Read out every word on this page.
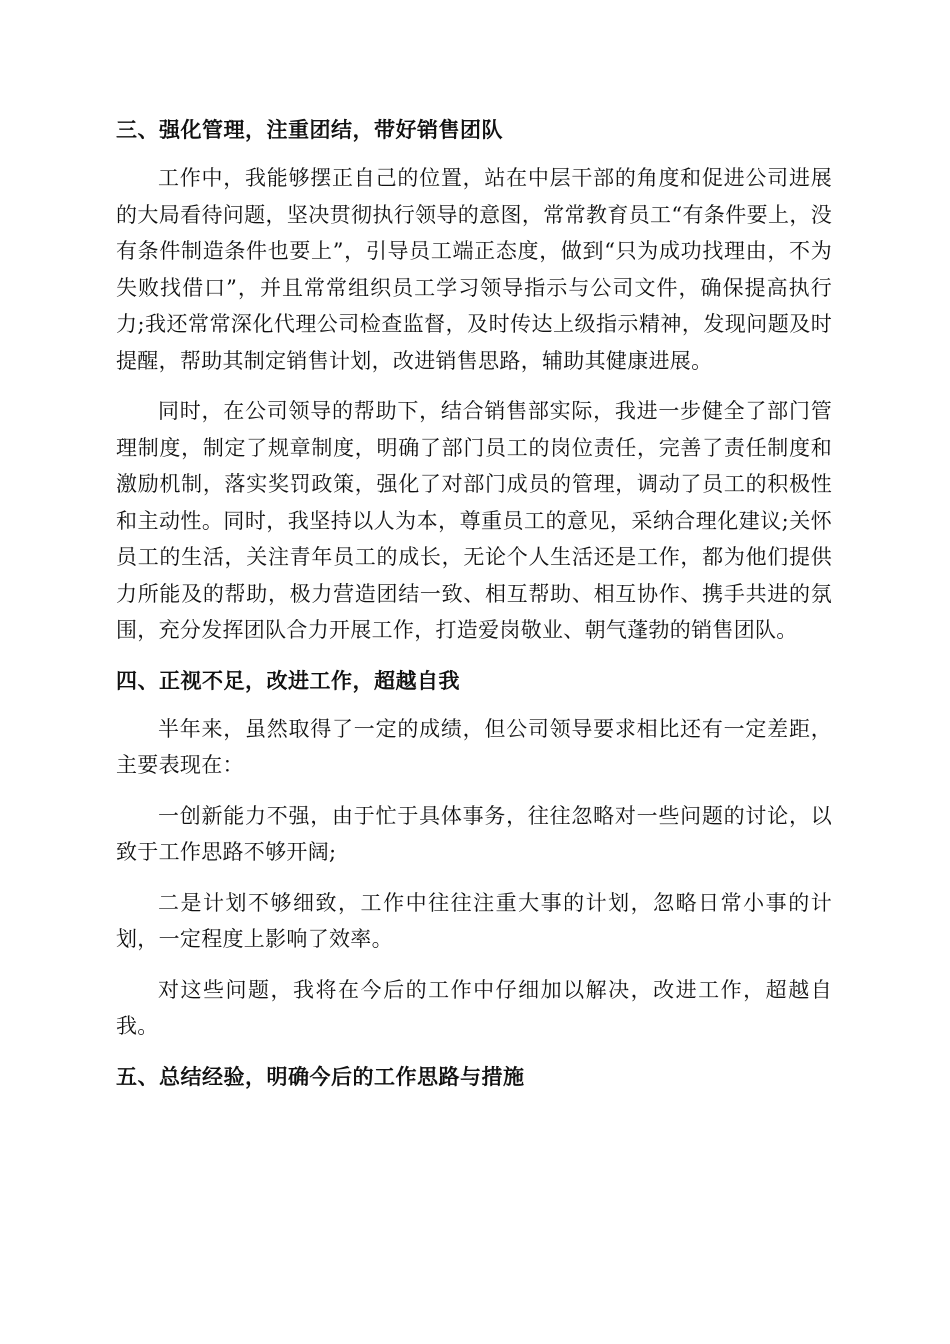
三、强化管理，注重团结，带好销售团队

工作中，我能够摆正自己的位置，站在中层干部的角度和促进公司进展的大局看待问题，坚决贯彻执行领导的意图，常常教育员工“有条件要上，没有条件制造条件也要上”，引导员工端正态度，做到“只为成功找理由，不为失败找借口”，并且常常组织员工学习领导指示与公司文件，确保提高执行力;我还常常深化代理公司检查监督，及时传达上级指示精神，发现问题及时提醒，帮助其制定销售计划，改进销售思路，辅助其健康进展。

同时，在公司领导的帮助下，结合销售部实际，我进一步健全了部门管理制度，制定了规章制度，明确了部门员工的岗位责任，完善了责任制度和激励机制，落实奖罚政策，强化了对部门成员的管理，调动了员工的积极性和主动性。同时，我坚持以人为本，尊重员工的意见，采纳合理化建议;关怀员工的生活，关注青年员工的成长，无论个人生活还是工作，都为他们提供力所能及的帮助，极力营造团结一致、相互帮助、相互协作、携手共进的氛围，充分发挥团队合力开展工作，打造爱岗敬业、朝气蓬勃的销售团队。

四、正视不足，改进工作，超越自我

半年来，虽然取得了一定的成绩，但公司领导要求相比还有一定差距，主要表现在：

一创新能力不强，由于忙于具体事务，往往忽略对一些问题的讨论，以致于工作思路不够开阔;

二是计划不够细致，工作中往往注重大事的计划，忽略日常小事的计划，一定程度上影响了效率。

对这些问题，我将在今后的工作中仔细加以解决，改进工作，超越自我。

五、总结经验，明确今后的工作思路与措施
